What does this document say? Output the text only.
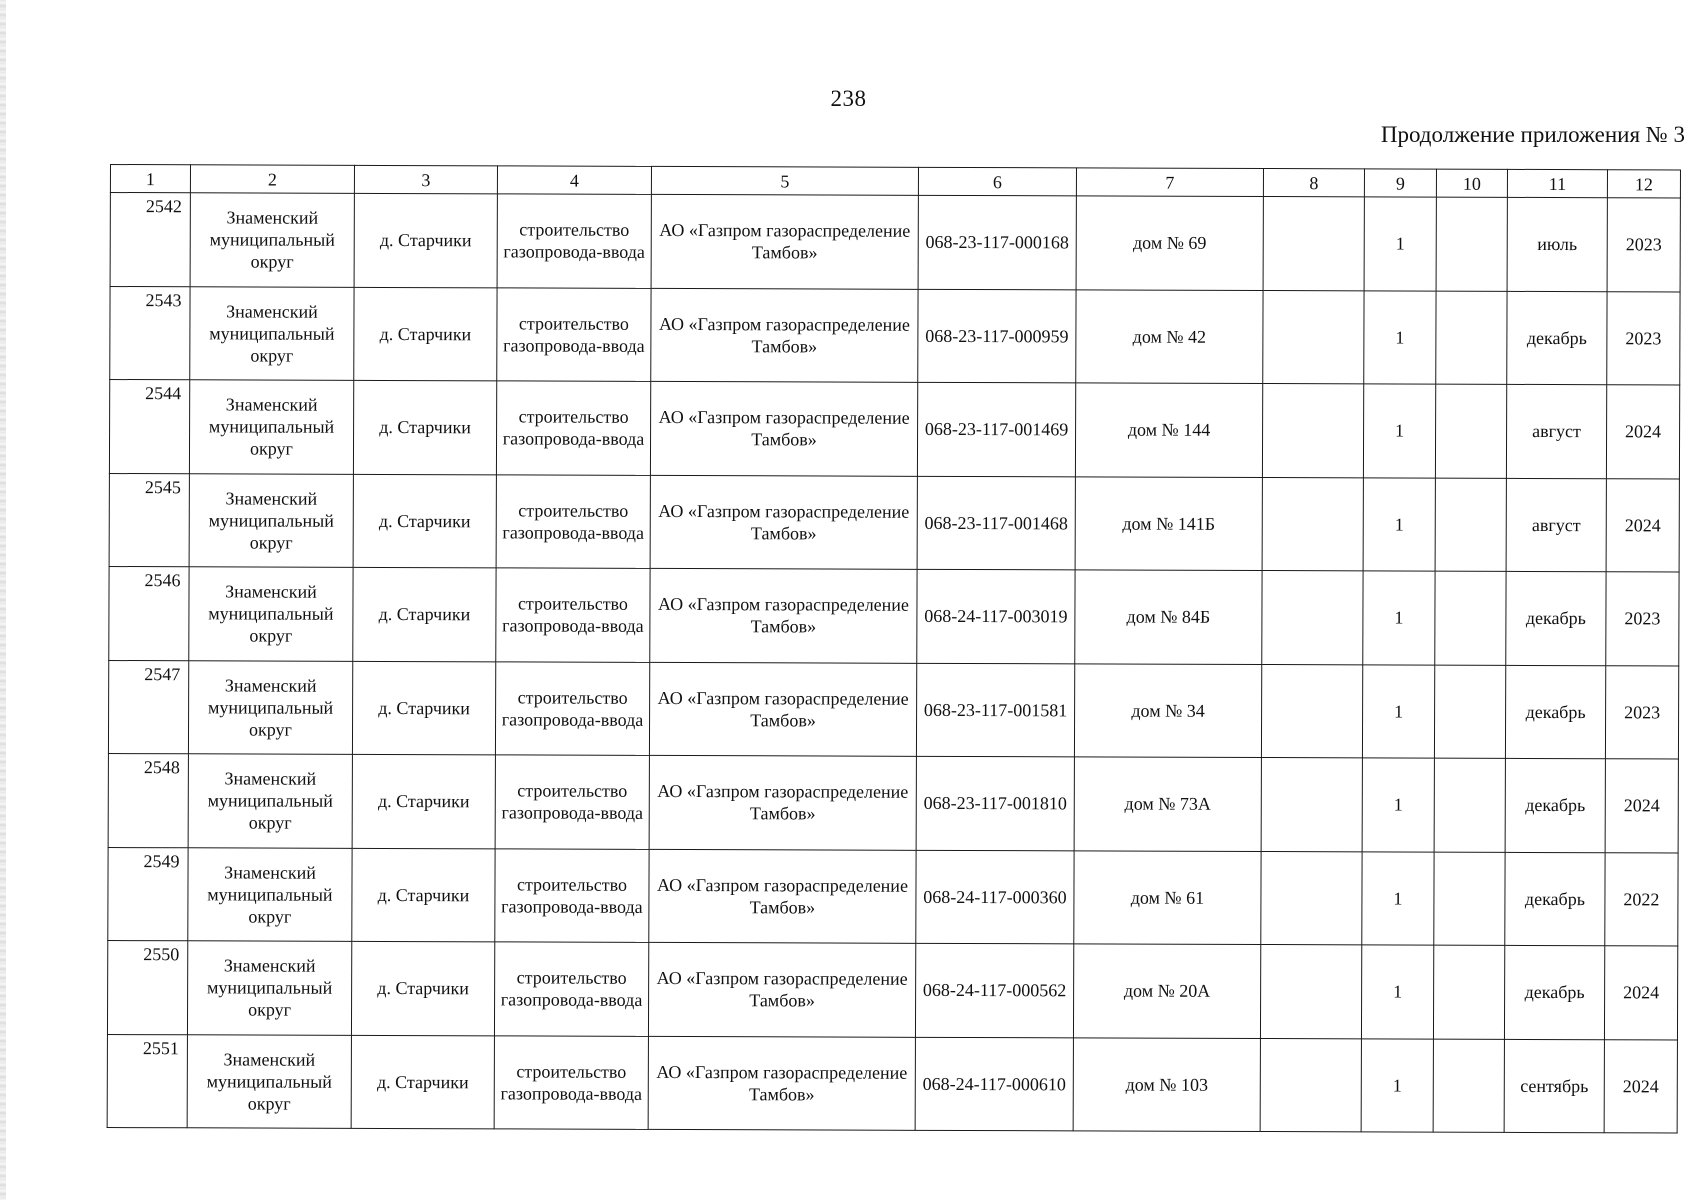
238
Продолжение приложения № 3
1	2	3	4	5	6	7	8	9	10	11	12
2542	Знаменский муниципальный округ	д. Старчики	строительство газопровода-ввода	АО «Газпром газораспределение Тамбов»	068-23-117-000168	дом № 69		1		июль	2023
2543	Знаменский муниципальный округ	д. Старчики	строительство газопровода-ввода	АО «Газпром газораспределение Тамбов»	068-23-117-000959	дом № 42		1		декабрь	2023
2544	Знаменский муниципальный округ	д. Старчики	строительство газопровода-ввода	АО «Газпром газораспределение Тамбов»	068-23-117-001469	дом № 144		1		август	2024
2545	Знаменский муниципальный округ	д. Старчики	строительство газопровода-ввода	АО «Газпром газораспределение Тамбов»	068-23-117-001468	дом № 141Б		1		август	2024
2546	Знаменский муниципальный округ	д. Старчики	строительство газопровода-ввода	АО «Газпром газораспределение Тамбов»	068-24-117-003019	дом № 84Б		1		декабрь	2023
2547	Знаменский муниципальный округ	д. Старчики	строительство газопровода-ввода	АО «Газпром газораспределение Тамбов»	068-23-117-001581	дом № 34		1		декабрь	2023
2548	Знаменский муниципальный округ	д. Старчики	строительство газопровода-ввода	АО «Газпром газораспределение Тамбов»	068-23-117-001810	дом № 73А		1		декабрь	2024
2549	Знаменский муниципальный округ	д. Старчики	строительство газопровода-ввода	АО «Газпром газораспределение Тамбов»	068-24-117-000360	дом № 61		1		декабрь	2022
2550	Знаменский муниципальный округ	д. Старчики	строительство газопровода-ввода	АО «Газпром газораспределение Тамбов»	068-24-117-000562	дом № 20А		1		декабрь	2024
2551	Знаменский муниципальный округ	д. Старчики	строительство газопровода-ввода	АО «Газпром газораспределение Тамбов»	068-24-117-000610	дом № 103		1		сентябрь	2024
